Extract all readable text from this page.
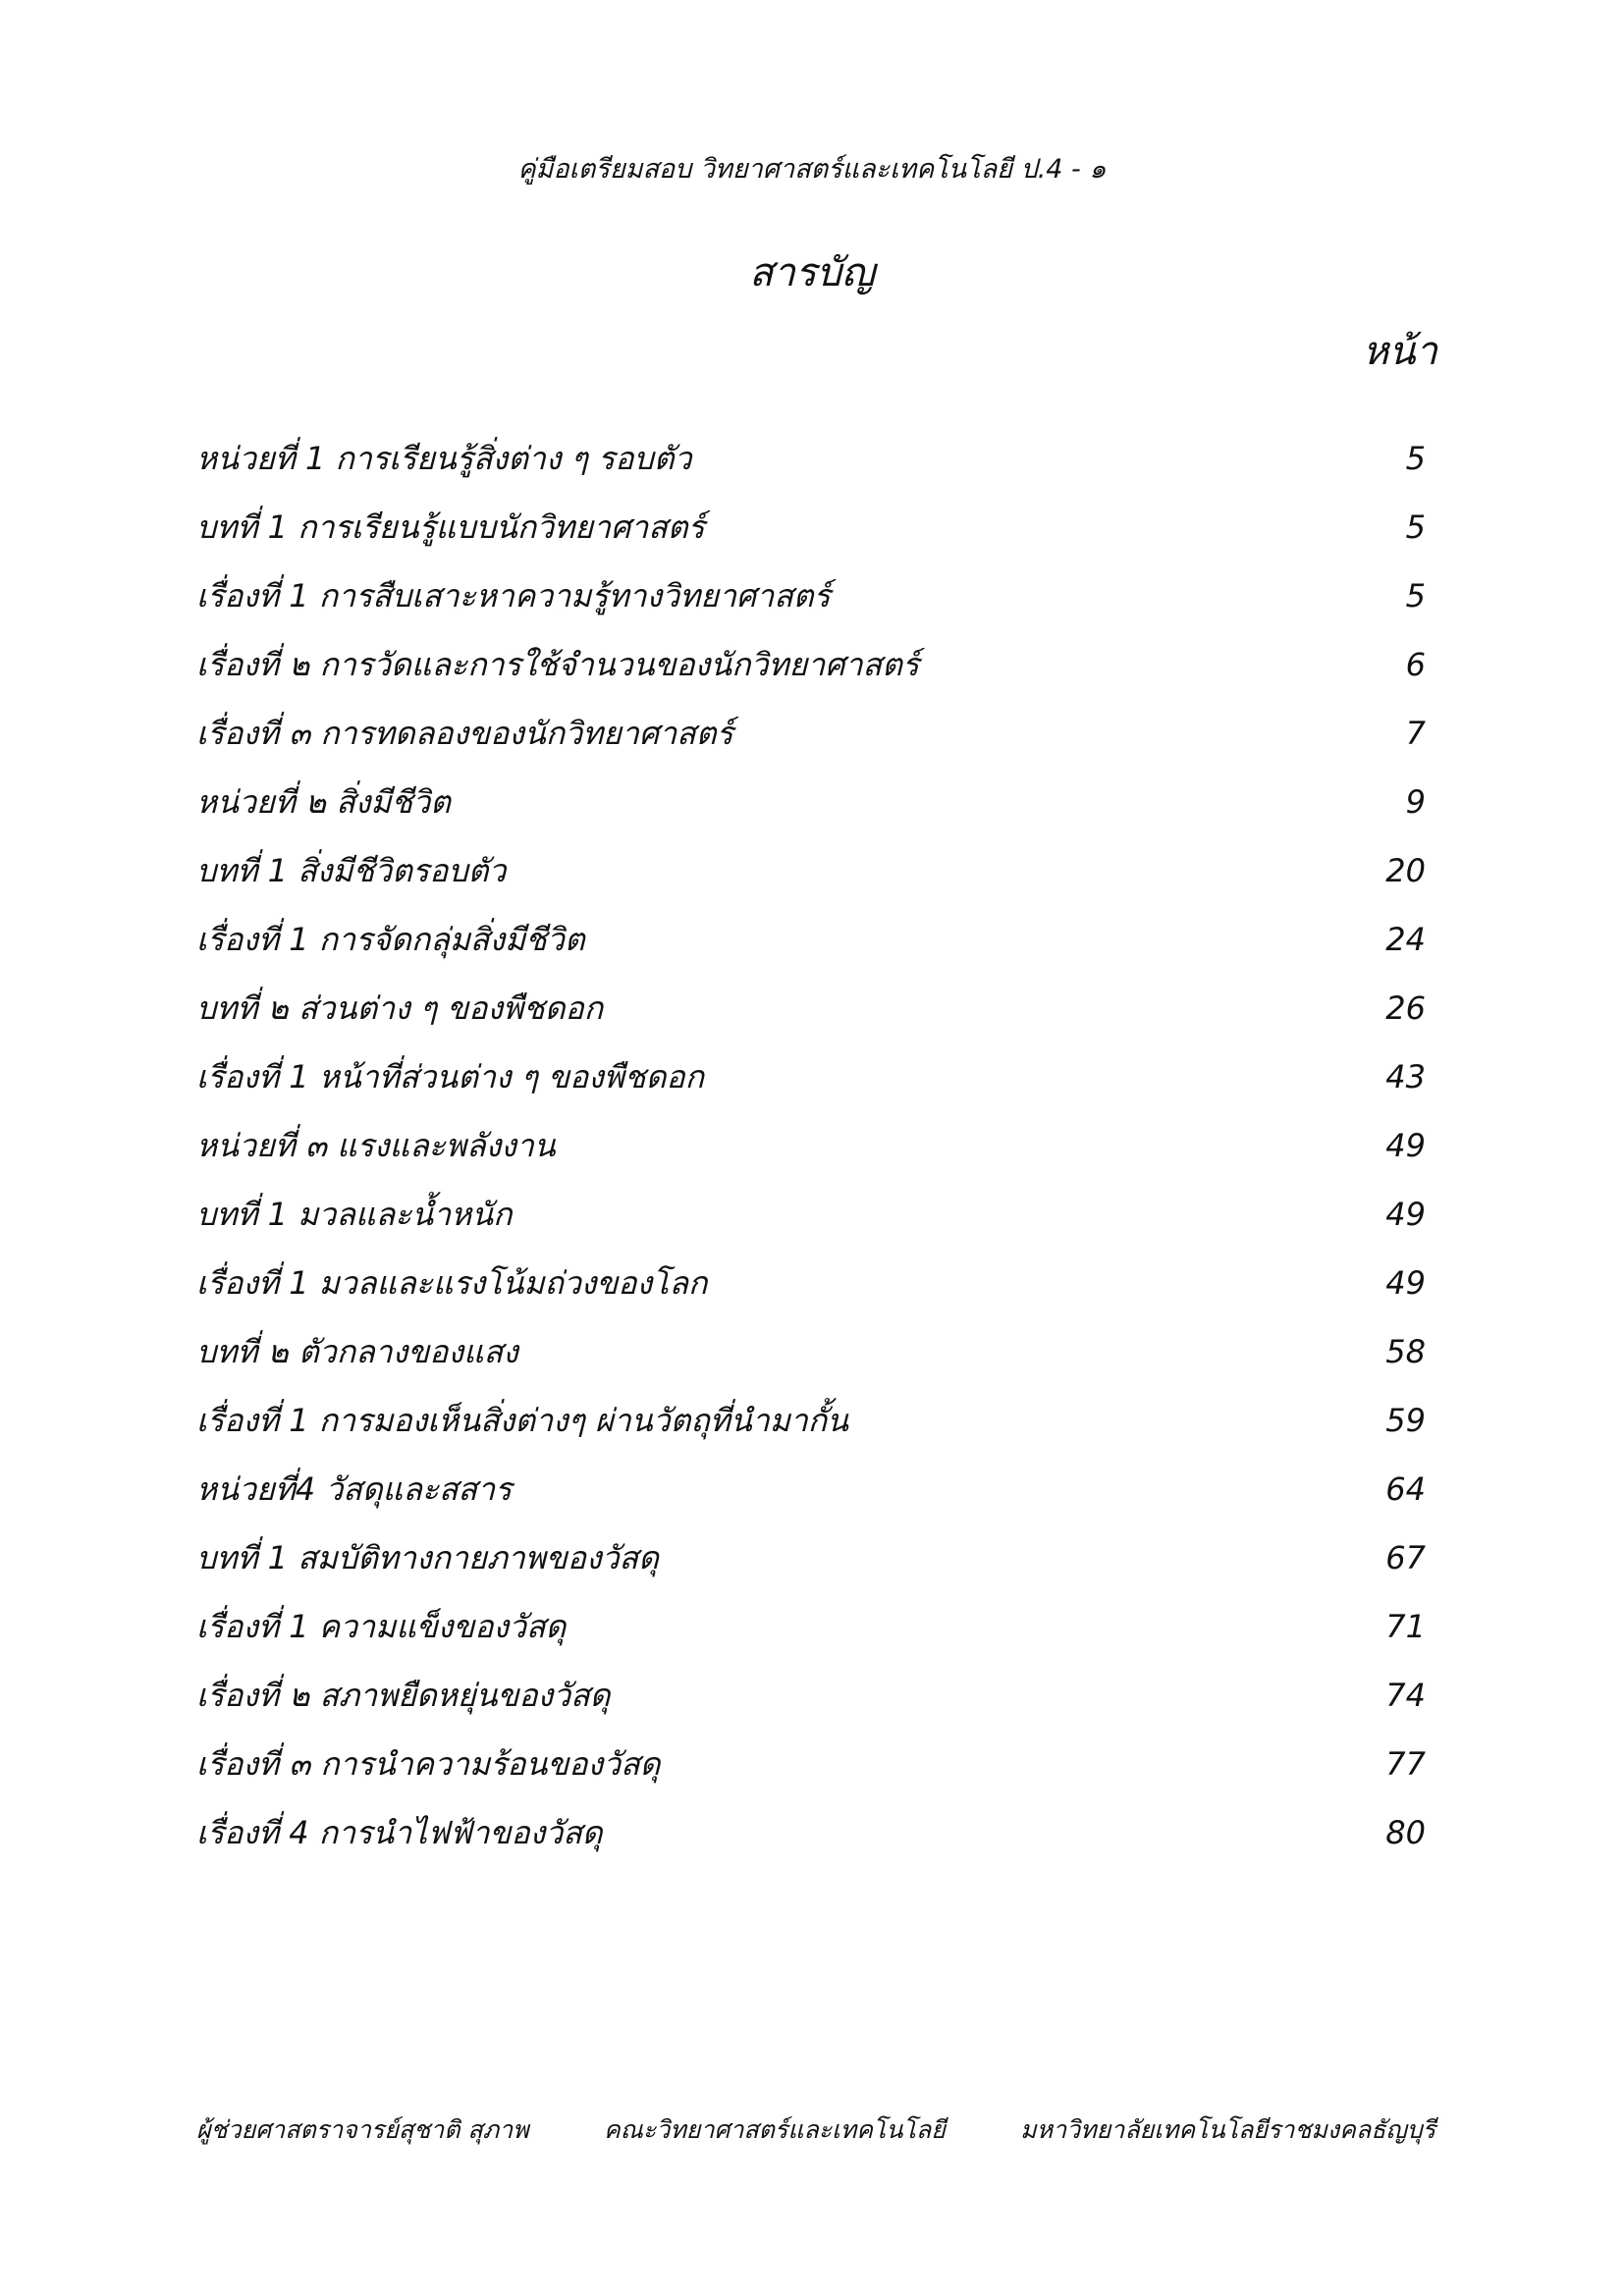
คู่มือเตรียมสอบ วิทยาศาสตร์และเทคโนโลยี ป.4 - ๑
สารบัญ
หน้า
หน่วยที่ 1 การเรียนรู้สิ่งต่าง ๆ รอบตัว	5
บทที่ 1 การเรียนรู้แบบนักวิทยาศาสตร์	5
เรื่องที่ 1 การสืบเสาะหาความรู้ทางวิทยาศาสตร์	5
เรื่องที่ ๒ การวัดและการใช้จำนวนของนักวิทยาศาสตร์	6
เรื่องที่ ๓ การทดลองของนักวิทยาศาสตร์	7
หน่วยที่ ๒ สิ่งมีชีวิต	9
บทที่ 1 สิ่งมีชีวิตรอบตัว	20
เรื่องที่ 1 การจัดกลุ่มสิ่งมีชีวิต	24
บทที่ ๒ ส่วนต่าง ๆ ของพืชดอก	26
เรื่องที่ 1 หน้าที่ส่วนต่าง ๆ ของพืชดอก	43
หน่วยที่ ๓ แรงและพลังงาน	49
บทที่ 1 มวลและน้ำหนัก	49
เรื่องที่ 1 มวลและแรงโน้มถ่วงของโลก	49
บทที่ ๒ ตัวกลางของแสง	58
เรื่องที่ 1 การมองเห็นสิ่งต่างๆ ผ่านวัตถุที่นำมากั้น	59
หน่วยที่4 วัสดุและสสาร	64
บทที่ 1 สมบัติทางกายภาพของวัสดุ	67
เรื่องที่ 1 ความแข็งของวัสดุ	71
เรื่องที่ ๒ สภาพยืดหยุ่นของวัสดุ	74
เรื่องที่ ๓ การนำความร้อนของวัสดุ	77
เรื่องที่ 4 การนำไฟฟ้าของวัสดุ	80
ผู้ช่วยศาสตราจารย์สุชาติ สุภาพ	คณะวิทยาศาสตร์และเทคโนโลยี	มหาวิทยาลัยเทคโนโลยีราชมงคลธัญบุรี
